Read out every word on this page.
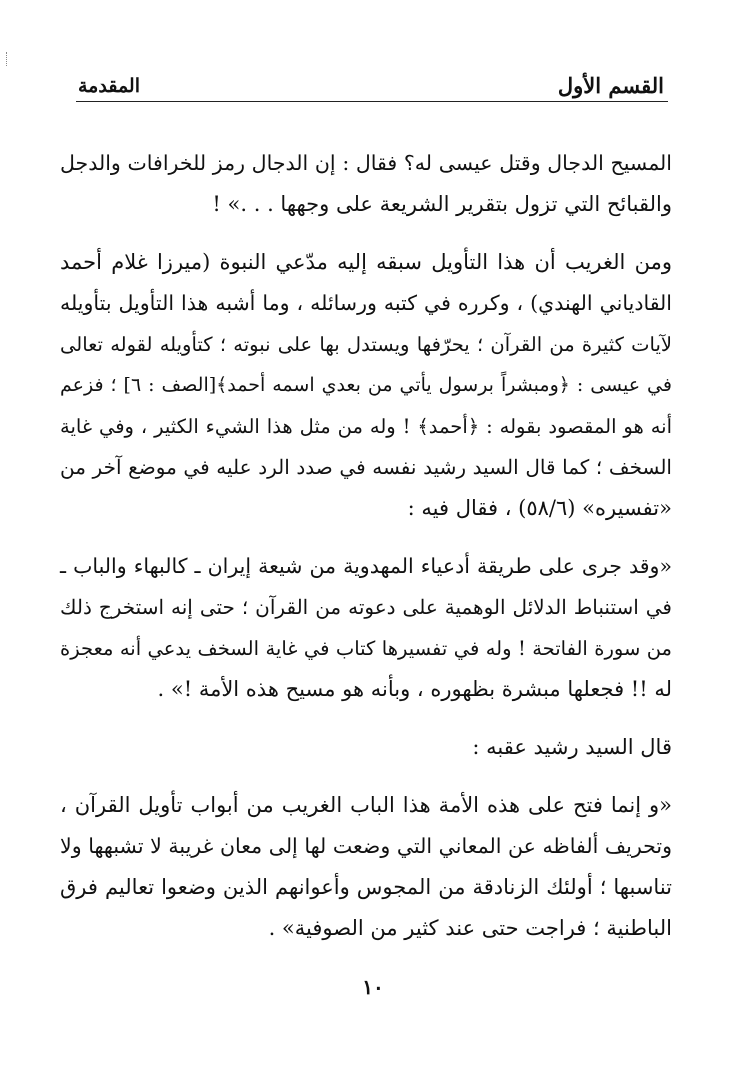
القسم الأول
المقدمة

المسيح الدجال وقتل عيسى له؟ فقال : إن الدجال رمز للخرافات والدجل
والقبائح التي تزول بتقرير الشريعة على وجهها . . .» !

ومن الغريب أن هذا التأويل سبقه إليه مدّعي النبوة (ميرزا غلام أحمد
القادياني الهندي) ، وكرره في كتبه ورسائله ، وما أشبه هذا التأويل بتأويله
لآيات كثيرة من القرآن ؛ يحرّفها ويستدل بها على نبوته ؛ كتأويله لقوله تعالى
في عيسى : ﴿ومبشراً برسول يأتي من بعدي اسمه أحمد﴾[الصف : ٦] ؛ فزعم
أنه هو المقصود بقوله : ﴿أحمد﴾ ! وله من مثل هذا الشيء الكثير ، وفي غاية
السخف ؛ كما قال السيد رشيد نفسه في صدد الرد عليه في موضع آخر من
«تفسيره» (٥٨/٦) ، فقال فيه :

«وقد جرى على طريقة أدعياء المهدوية من شيعة إيران ـ كالبهاء والباب ـ
في استنباط الدلائل الوهمية على دعوته من القرآن ؛ حتى إنه استخرج ذلك
من سورة الفاتحة ! وله في تفسيرها كتاب في غاية السخف يدعي أنه معجزة
له !! فجعلها مبشرة بظهوره ، وبأنه هو مسيح هذه الأمة !» .

قال السيد رشيد عقبه :

«و إنما فتح على هذه الأمة هذا الباب الغريب من أبواب تأويل القرآن ،
وتحريف ألفاظه عن المعاني التي وضعت لها إلى معان غريبة لا تشبهها ولا
تناسبها ؛ أولئك الزنادقة من المجوس وأعوانهم الذين وضعوا تعاليم فرق
الباطنية ؛ فراجت حتى عند كثير من الصوفية» .

١٠
